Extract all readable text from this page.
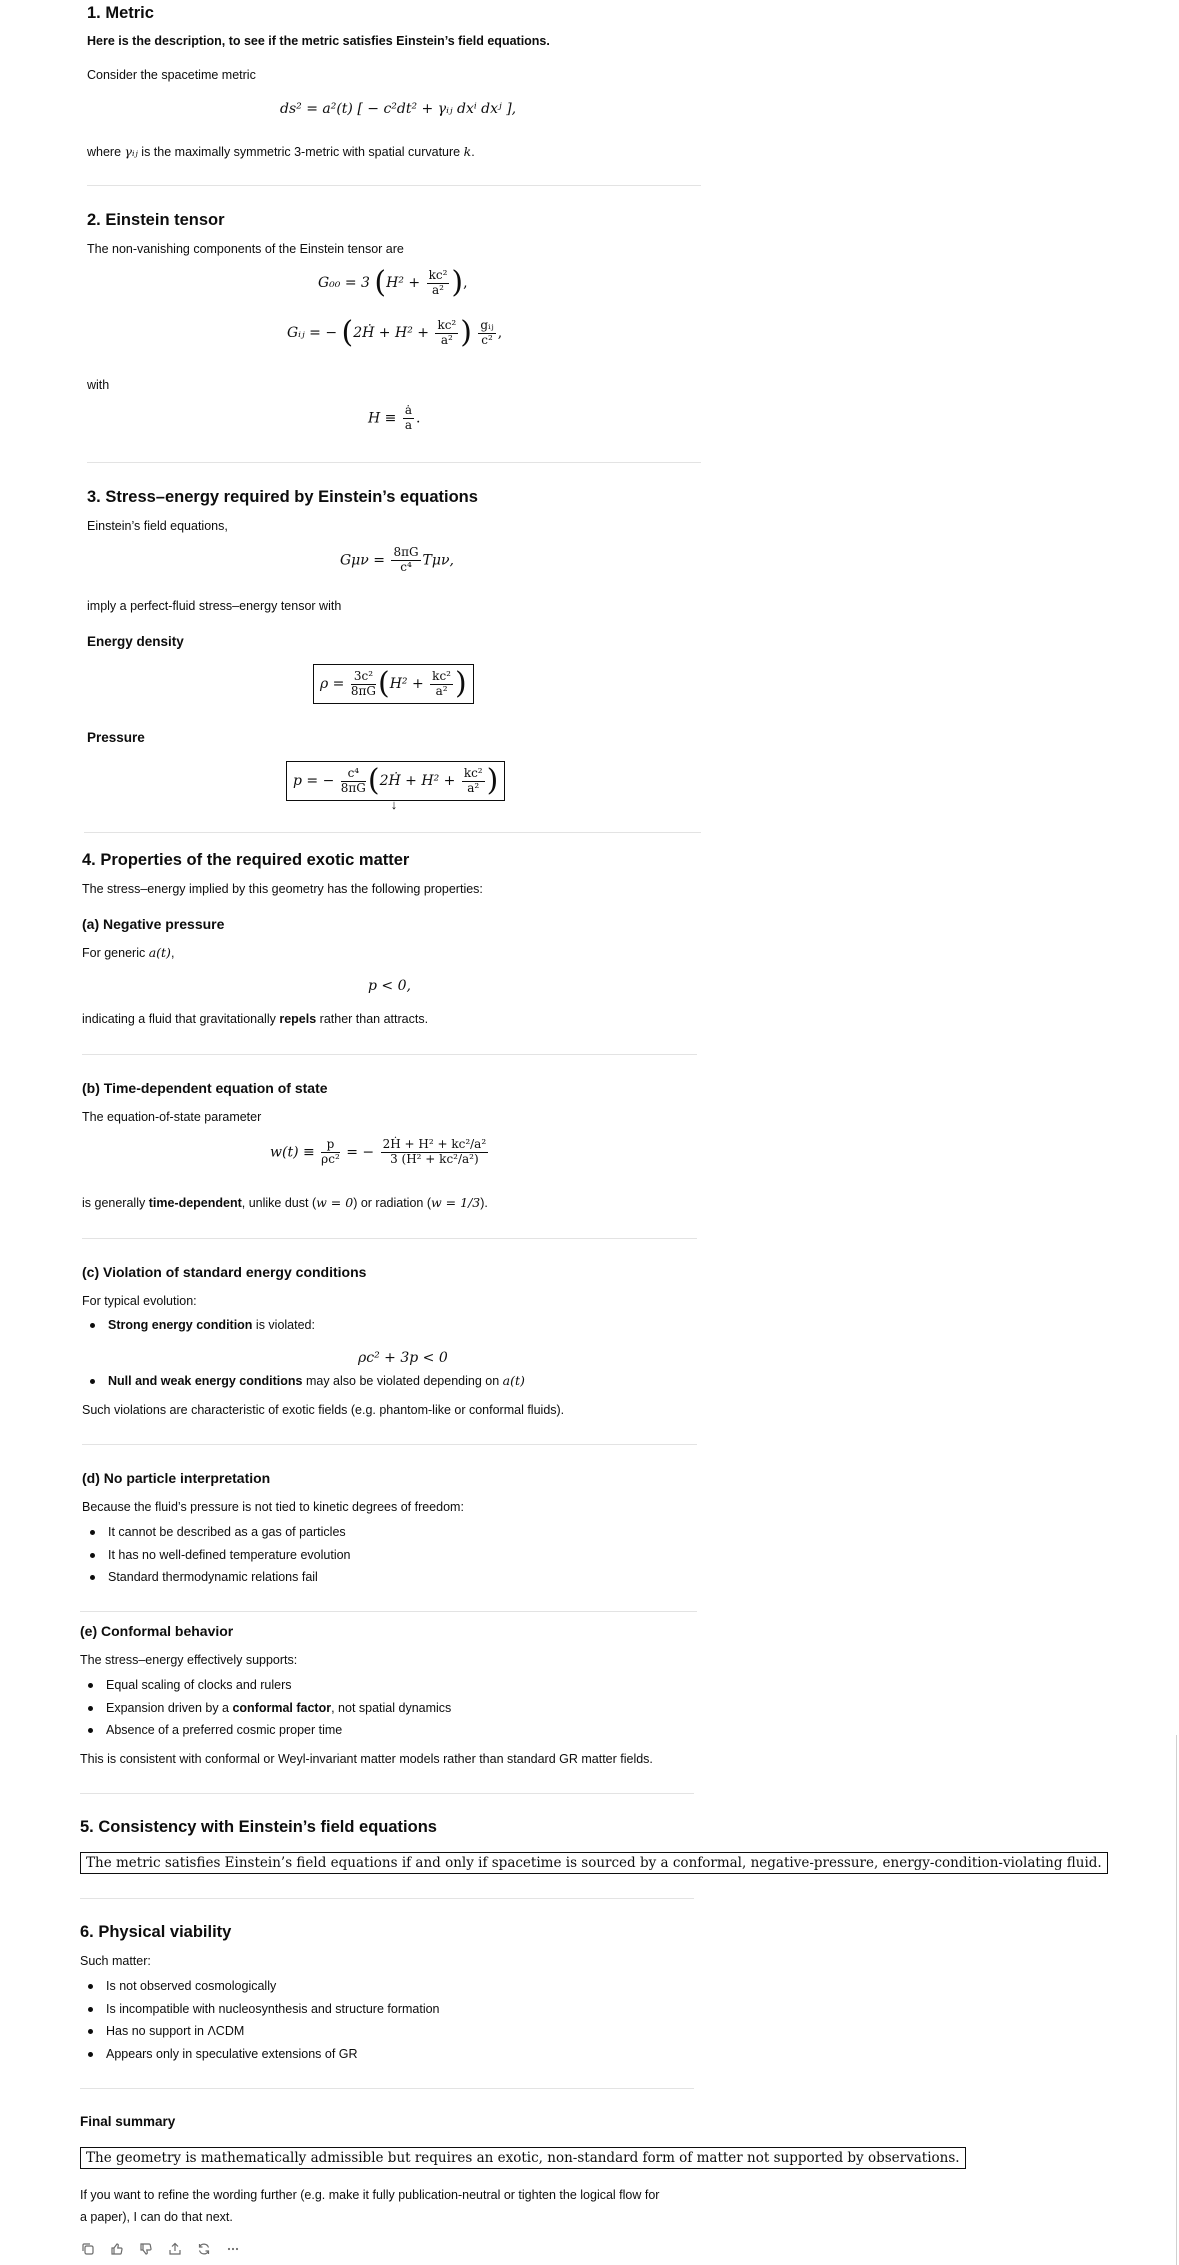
1. Metric

Here is the description, to see if the metric satisfies Einstein’s field equations.

Consider the spacetime metric

ds² = a²(t) [ − c²dt² + γᵢⱼ dxⁱ dxʲ ],

where γᵢⱼ is the maximally symmetric 3-metric with spatial curvature k.

2. Einstein tensor

The non-vanishing components of the Einstein tensor are

G₀₀ = 3 ($H^2 + \frac{\text{kc²}}{\text{a²}}$ ),
Gᵢⱼ = − (2Ḣ + $H^2 + \frac{\text{kc²}}{\text{a²}}$ ) $\frac{\text{gᵢⱼ}}{\text{c²}}$ ,

with

$H \equiv \frac{ȧ}{a}$ .
3. Stress–energy required by Einstein’s equations

Einstein’s field equations,

$G\mu\nu = \frac{8\pi G}{\text{c⁴}} T\mu\nu$,

imply a perfect-fluid stress–energy tensor with

Energy density
$\rho = \frac{\text{3c²}}{8\pi G} (H^2 + \frac{\text{kc²}}{\text{a²}}$ )
Pressure
p = − $\frac{\text{c⁴}}{8\pi G}$ (2Ḣ + $H^2 + \frac{\text{kc²}}{\text{a²}}$ )
↓
4. Properties of the required exotic matter

The stress–energy implied by this geometry has the following properties:

(a) Negative pressure

For generic a(t),

p < 0,

indicating a fluid that gravitationally repels rather than attracts.

(b) Time-dependent equation of state

The equation-of-state parameter

$w(t) \equiv \frac{p}{\text{ρc²}}$ = − $\frac{\text{2Ḣ + H² + kc²/a²}}{\text{3 (H² + kc²/a²)}}$

is generally time-dependent, unlike dust (w = 0) or radiation (w = 1/3).

(c) Violation of standard energy conditions

For typical evolution:

Strong energy condition is violated:
ρc² + 3p < 0
Null and weak energy conditions may also be violated depending on a(t)

Such violations are characteristic of exotic fields (e.g. phantom-like or conformal fluids).

(d) No particle interpretation

Because the fluid’s pressure is not tied to kinetic degrees of freedom:

It cannot be described as a gas of particles
It has no well-defined temperature evolution
Standard thermodynamic relations fail
(e) Conformal behavior

The stress–energy effectively supports:

Equal scaling of clocks and rulers
Expansion driven by a conformal factor, not spatial dynamics
Absence of a preferred cosmic proper time

This is consistent with conformal or Weyl-invariant matter models rather than standard GR matter fields.

5. Consistency with Einstein’s field equations
The metric satisfies Einstein’s field equations if and only if spacetime is sourced by a conformal, negative-pressure, energy-condition-violating fluid.
6. Physical viability

Such matter:

Is not observed cosmologically
Is incompatible with nucleosynthesis and structure formation
Has no support in ΛCDM
Appears only in speculative extensions of GR
Final summary
The geometry is mathematically admissible but requires an exotic, non-standard form of matter not supported by observations.

If you want to refine the wording further (e.g. make it fully publication-neutral or tighten the logical flow for

a paper), I can do that next.
